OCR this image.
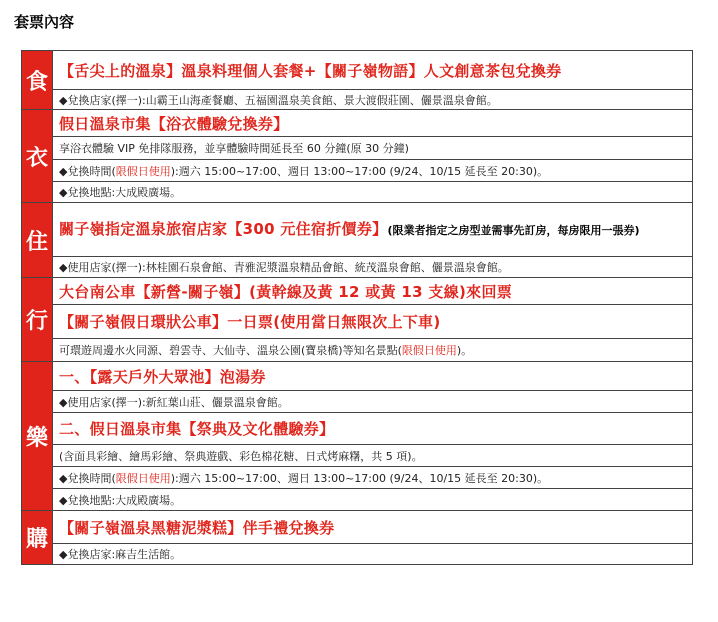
套票內容
食	【舌尖上的溫泉】溫泉料理個人套餐+【關子嶺物語】人文創意茶包兌換券
	◆兌換店家(擇一):山霸王山海產餐廳、五福園溫泉美食館、景大渡假莊園、儷景溫泉會館。
衣	假日溫泉市集【浴衣體驗兌換券】
	享浴衣體驗 VIP 免排隊服務，並享體驗時間延長至 60 分鐘(原 30 分鐘)
	◆兌換時間(限假日使用):週六 15:00~17:00、週日 13:00~17:00 (9/24、10/15 延長至 20:30)。
	◆兌換地點:大成殿廣場。
住	關子嶺指定溫泉旅宿店家【300 元住宿折價券】(限業者指定之房型並需事先訂房，每房限用一張券)
	◆使用店家(擇一):林桂園石泉會館、青雅泥漿溫泉精品會館、統茂溫泉會館、儷景溫泉會館。
行	大台南公車【新營-關子嶺】(黃幹線及黃 12 或黃 13 支線)來回票
	【關子嶺假日環狀公車】一日票(使用當日無限次上下車)
	可環遊周邊水火同源、碧雲寺、大仙寺、溫泉公園(寶泉橋)等知名景點(限假日使用)。
樂	一、【露天戶外大眾池】泡湯券
	◆使用店家(擇一):新紅葉山莊、儷景溫泉會館。
	二、假日溫泉市集【祭典及文化體驗券】
	(含面具彩繪、繪馬彩繪、祭典遊戲、彩色棉花糖、日式烤麻糬，共 5 項)。
	◆兌換時間(限假日使用):週六 15:00~17:00、週日 13:00~17:00 (9/24、10/15 延長至 20:30)。
	◆兌換地點:大成殿廣場。
購	【關子嶺溫泉黑糖泥漿糕】伴手禮兌換券
	◆兌換店家:麻吉生活館。
